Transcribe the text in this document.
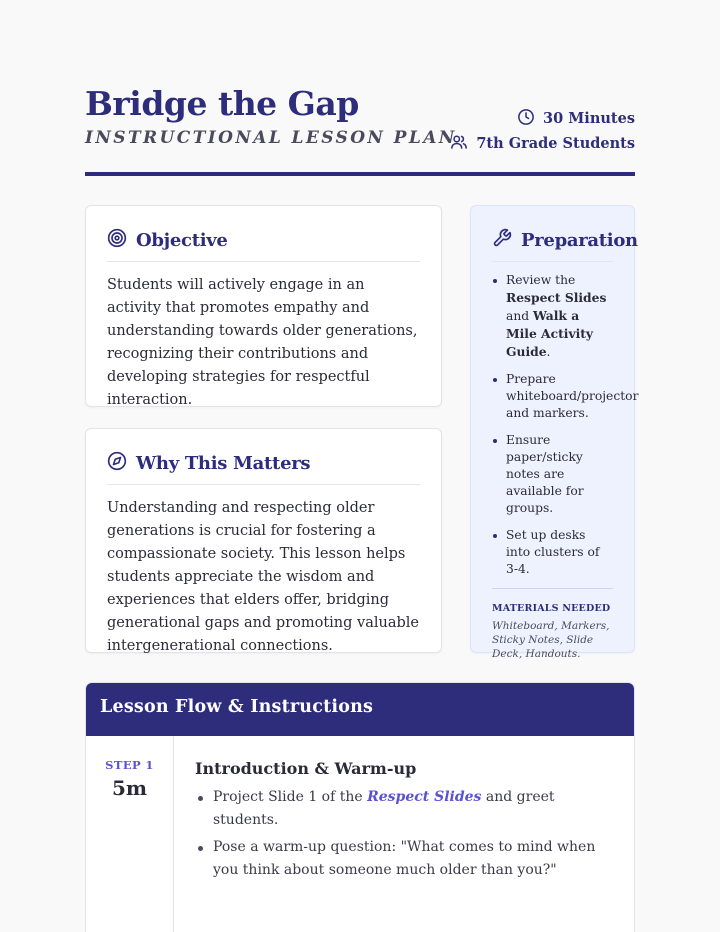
Bridge the Gap
INSTRUCTIONAL LESSON PLAN
30 Minutes
7th Grade Students
Objective

Students will actively engage in an activity that promotes empathy and understanding towards older generations, recognizing their contributions and developing strategies for respectful interaction.

Why This Matters

Understanding and respecting older generations is crucial for fostering a compassionate society. This lesson helps students appreciate the wisdom and experiences that elders offer, bridging generational gaps and promoting valuable intergenerational connections.

Preparation
Review the Respect Slides and Walk a Mile Activity Guide.
Prepare whiteboard/projector and markers.
Ensure paper/sticky notes are available for groups.
Set up desks into clusters of 3-4.
MATERIALS NEEDED
Whiteboard, Markers, Sticky Notes, Slide Deck, Handouts.
Lesson Flow & Instructions
STEP 1
5m
Introduction & Warm-up
Project Slide 1 of the Respect Slides and greet students.
Pose a warm-up question: "What comes to mind when you think about someone much older than you?"
